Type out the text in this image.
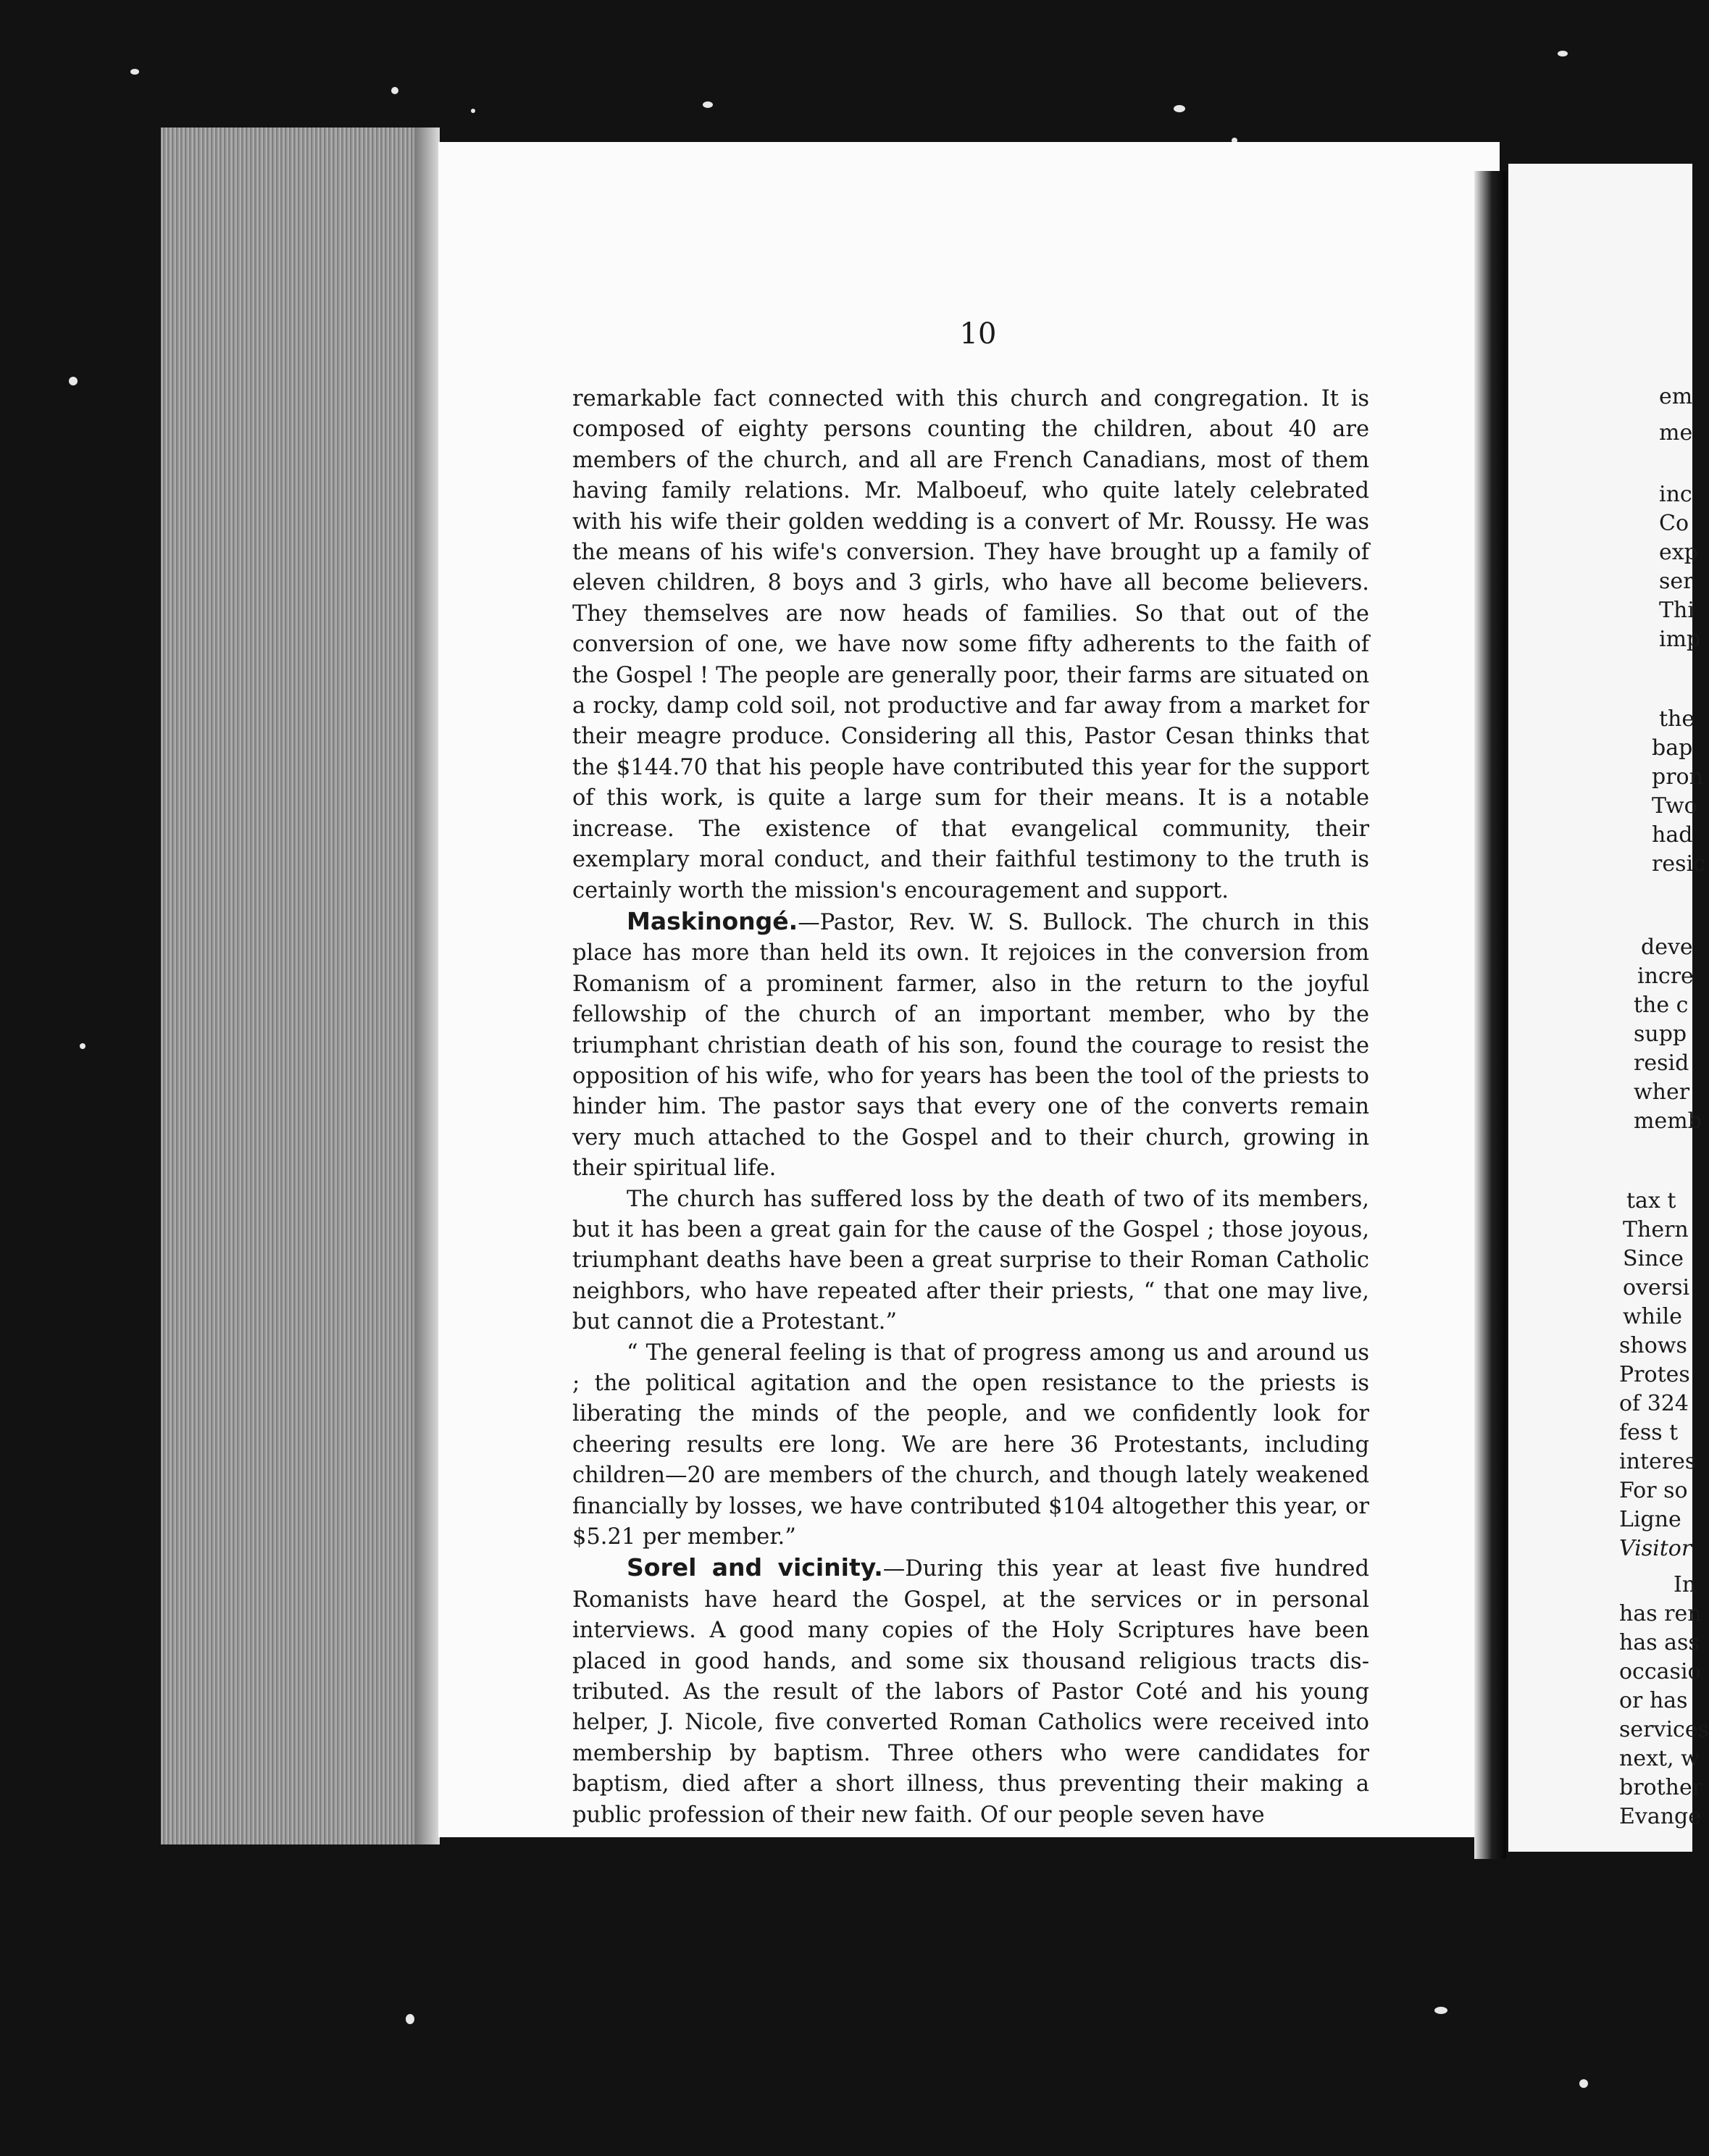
10

remarkable fact connected with this church and congregation. It is composed of eighty persons counting the children, about 40 are members of the church, and all are French Canadians, most of them having family relations. Mr. Malboeuf, who quite lately celebrated with his wife their golden wedding is a convert of Mr. Roussy. He was the means of his wife's conversion. They have brought up a family of eleven children, 8 boys and 3 girls, who have all become believers. They themselves are now heads of families. So that out of the conversion of one, we have now some fifty adherents to the faith of the Gospel ! The people are generally poor, their farms are situated on a rocky, damp cold soil, not productive and far away from a market for their meagre produce. Considering all this, Pastor Cesan thinks that the $144.70 that his people have contributed this year for the support of this work, is quite a large sum for their means. It is a notable increase. The existence of that evangelical community, their exemplary moral conduct, and their faithful testimony to the truth is certainly worth the mission's encouragement and support.

Maskinongé.—Pastor, Rev. W. S. Bullock. The church in this place has more than held its own. It rejoices in the conversion from Romanism of a prominent farmer, also in the return to the joyful fellowship of the church of an important member, who by the triumphant christian death of his son, found the courage to resist the opposition of his wife, who for years has been the tool of the priests to hinder him. The pastor says that every one of the converts remain very much attached to the Gospel and to their church, growing in their spiritual life.

The church has suffered loss by the death of two of its members, but it has been a great gain for the cause of the Gospel ; those joyous, triumphant deaths have been a great surprise to their Roman Catholic neighbors, who have repeated after their priests, “ that one may live, but cannot die a Protestant.”

“ The general feeling is that of progress among us and around us ; the political agitation and the open resistance to the priests is liberating the minds of the people, and we confidently look for cheering results ere long. We are here 36 Protestants, including children—20 are members of the church, and though lately weakened financially by losses, we have contributed $104 altogether this year, or $5.21 per member.”

Sorel and vicinity.—During this year at least five hundred Romanists have heard the Gospel, at the services or in personal interviews. A good many copies of the Holy Scriptures have been placed in good hands, and some six thousand religious tracts dis- tributed. As the result of the labors of Pastor Coté and his young helper, J. Nicole, five converted Roman Catholics were received into membership by baptism. Three others who were candidates for baptism, died after a short illness, thus preventing their making a public profession of their new faith. Of our people seven have

em
me
inc
Co
exp
ser
Thi
imp
the
bap
pron
Two
had
resic
deve
incre
the c
supp
resid
wher
memb
tax t
Thern
Since
oversi
while
shows
Protes
of 324
fess t
interes
For so
Ligne
Visitor
In
has ren
has ass
occasio
or has
services
next, w
brother
Evange
